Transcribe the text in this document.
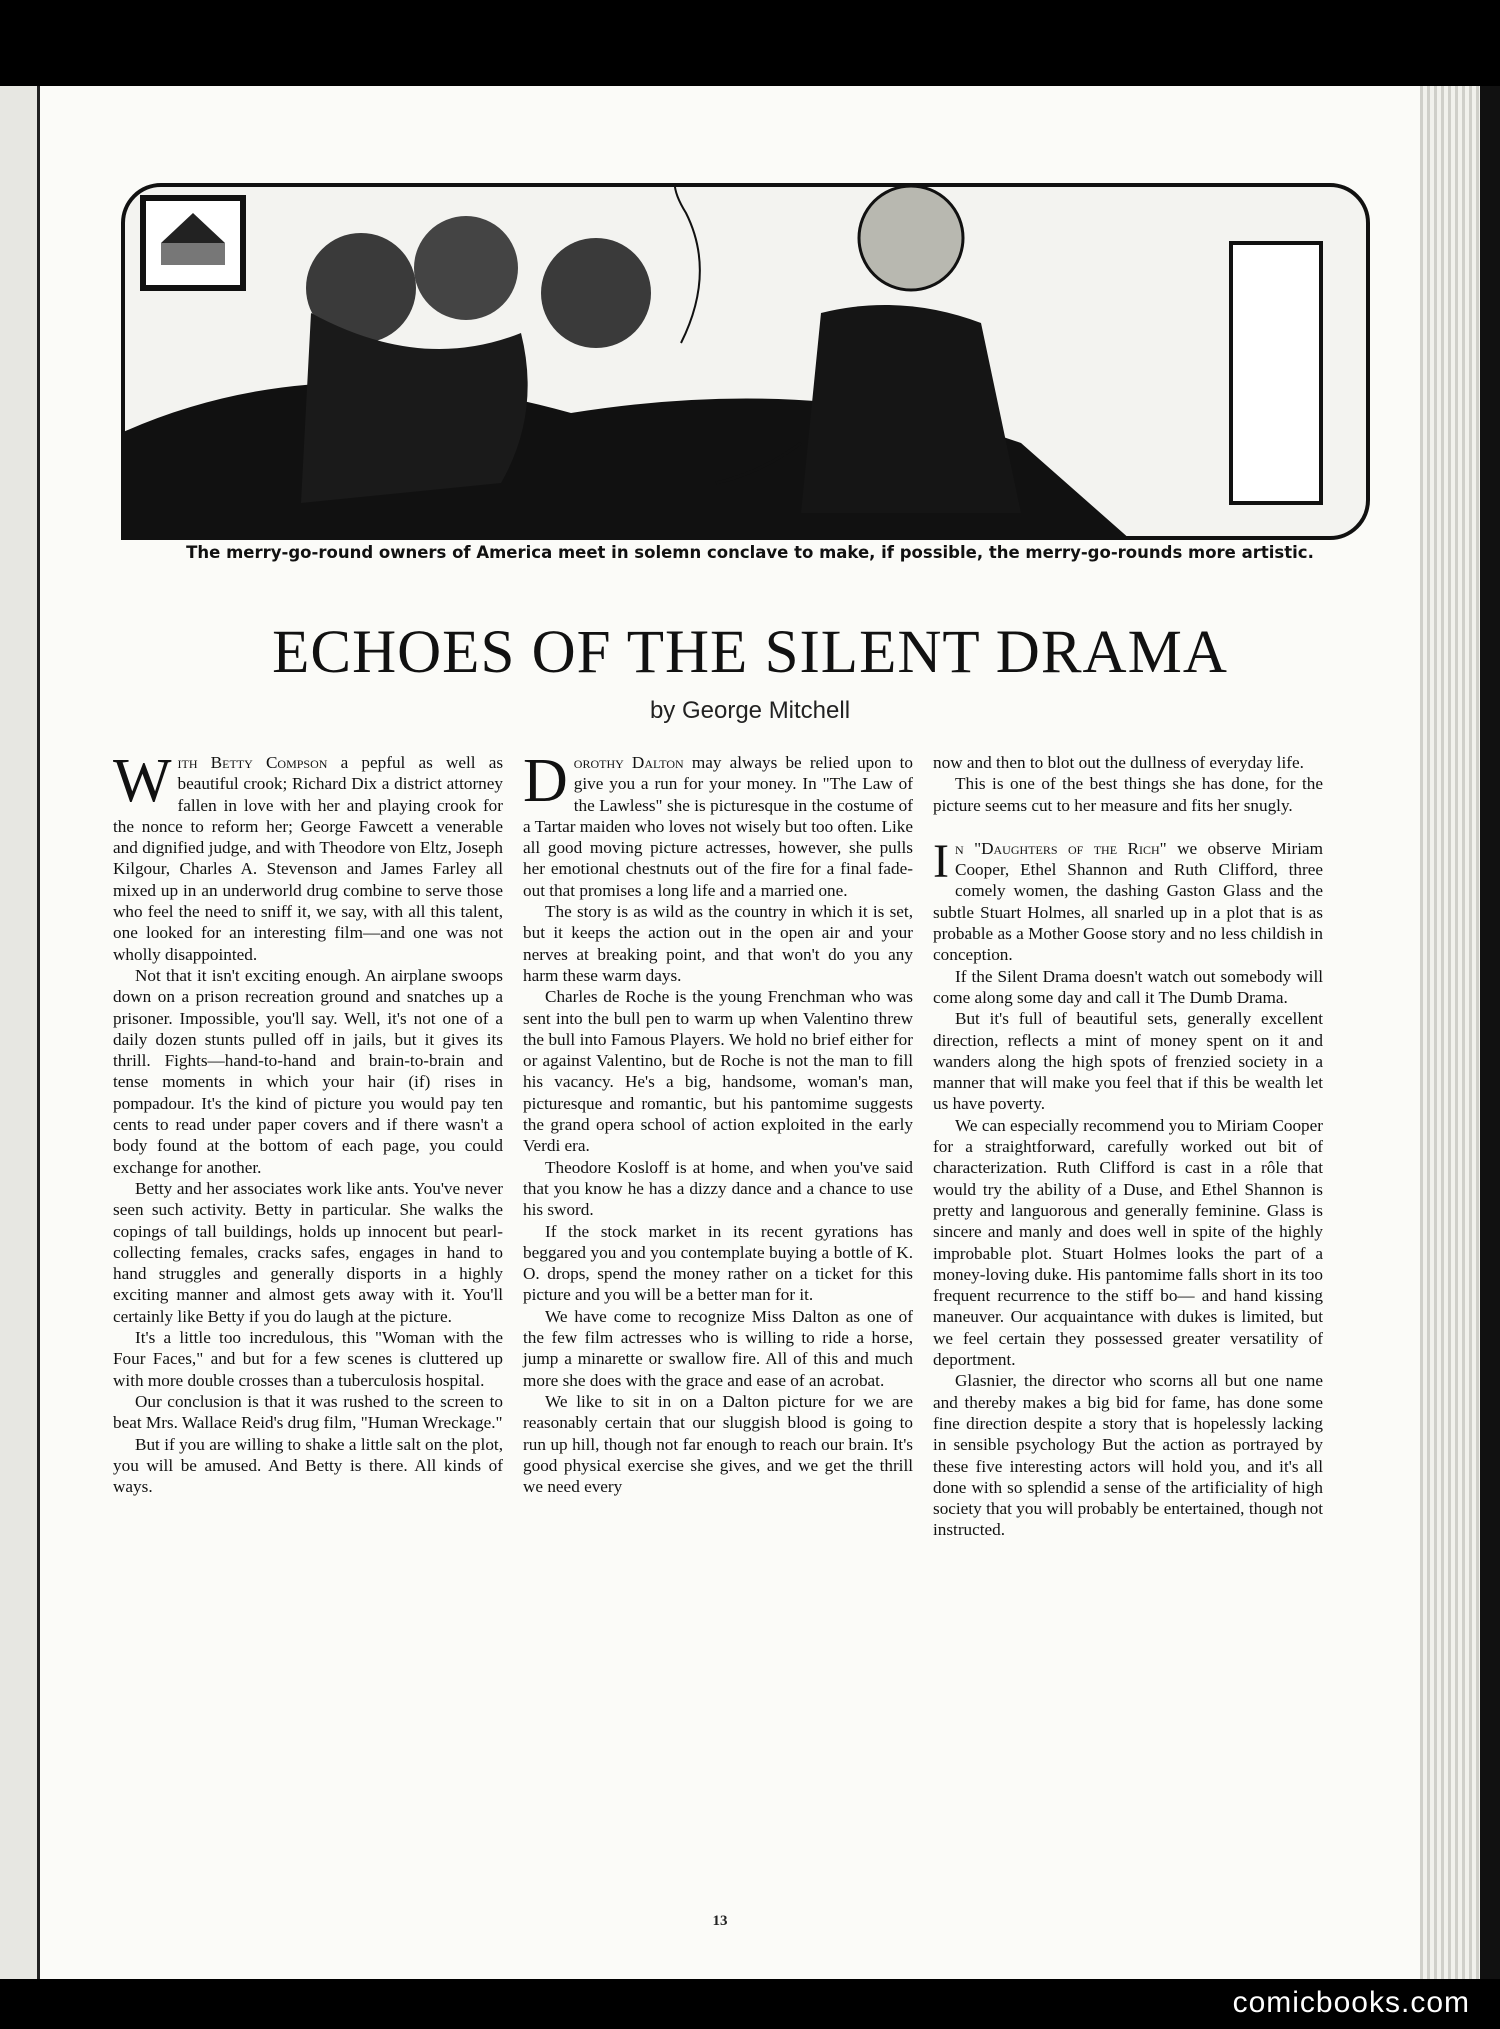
The merry-go-round owners of America meet in solemn conclave to make, if possible, the merry-go-rounds more artistic.
ECHOES OF THE SILENT DRAMA
by George Mitchell

With Betty Compson a pepful as well as beautiful crook; Richard Dix a district attorney fallen in love with her and playing crook for the nonce to reform her; George Fawcett a venerable and dignified judge, and with Theodore von Eltz, Joseph Kilgour, Charles A. Stevenson and James Farley all mixed up in an underworld drug combine to serve those who feel the need to sniff it, we say, with all this talent, one looked for an interesting film—and one was not wholly disappointed.

Not that it isn't exciting enough. An airplane swoops down on a prison recreation ground and snatches up a prisoner. Impossible, you'll say. Well, it's not one of a daily dozen stunts pulled off in jails, but it gives its thrill. Fights—hand-to-hand and brain-to-brain and tense moments in which your hair (if) rises in pompadour. It's the kind of picture you would pay ten cents to read under paper covers and if there wasn't a body found at the bottom of each page, you could exchange for another.

Betty and her associates work like ants. You've never seen such activity. Betty in particular. She walks the copings of tall buildings, holds up innocent but pearl-collecting females, cracks safes, engages in hand to hand struggles and generally disports in a highly exciting manner and almost gets away with it. You'll certainly like Betty if you do laugh at the picture.

It's a little too incredulous, this "Woman with the Four Faces," and but for a few scenes is cluttered up with more double crosses than a tuberculosis hospital.

Our conclusion is that it was rushed to the screen to beat Mrs. Wallace Reid's drug film, "Human Wreckage."

But if you are willing to shake a little salt on the plot, you will be amused. And Betty is there. All kinds of ways.

Dorothy Dalton may always be relied upon to give you a run for your money. In "The Law of the Lawless" she is picturesque in the costume of a Tartar maiden who loves not wisely but too often. Like all good moving picture actresses, however, she pulls her emotional chestnuts out of the fire for a final fade-out that promises a long life and a married one.

The story is as wild as the country in which it is set, but it keeps the action out in the open air and your nerves at breaking point, and that won't do you any harm these warm days.

Charles de Roche is the young Frenchman who was sent into the bull pen to warm up when Valentino threw the bull into Famous Players. We hold no brief either for or against Valentino, but de Roche is not the man to fill his vacancy. He's a big, handsome, woman's man, picturesque and romantic, but his pantomime suggests the grand opera school of action exploited in the early Verdi era.

Theodore Kosloff is at home, and when you've said that you know he has a dizzy dance and a chance to use his sword.

If the stock market in its recent gyrations has beggared you and you contemplate buying a bottle of K. O. drops, spend the money rather on a ticket for this picture and you will be a better man for it.

We have come to recognize Miss Dalton as one of the few film actresses who is willing to ride a horse, jump a minarette or swallow fire. All of this and much more she does with the grace and ease of an acrobat.

We like to sit in on a Dalton picture for we are reasonably certain that our sluggish blood is going to run up hill, though not far enough to reach our brain. It's good physical exercise she gives, and we get the thrill we need every

now and then to blot out the dullness of everyday life.

This is one of the best things she has done, for the picture seems cut to her measure and fits her snugly.

In "Daughters of the Rich" we observe Miriam Cooper, Ethel Shannon and Ruth Clifford, three comely women, the dashing Gaston Glass and the subtle Stuart Holmes, all snarled up in a plot that is as probable as a Mother Goose story and no less childish in conception.

If the Silent Drama doesn't watch out somebody will come along some day and call it The Dumb Drama.

But it's full of beautiful sets, generally excellent direction, reflects a mint of money spent on it and wanders along the high spots of frenzied society in a manner that will make you feel that if this be wealth let us have poverty.

We can especially recommend you to Miriam Cooper for a straightforward, carefully worked out bit of characterization. Ruth Clifford is cast in a rôle that would try the ability of a Duse, and Ethel Shannon is pretty and languorous and generally feminine. Glass is sincere and manly and does well in spite of the highly improbable plot. Stuart Holmes looks the part of a money-loving duke. His pantomime falls short in its too frequent recurrence to the stiff bo— and hand kissing maneuver. Our acquaintance with dukes is limited, but we feel certain they possessed greater versatility of deportment.

Glasnier, the director who scorns all but one name and thereby makes a big bid for fame, has done some fine direction despite a story that is hopelessly lacking in sensible psychology But the action as portrayed by these five interesting actors will hold you, and it's all done with so splendid a sense of the artificiality of high society that you will probably be entertained, though not instructed.

13
comicbooks.com
